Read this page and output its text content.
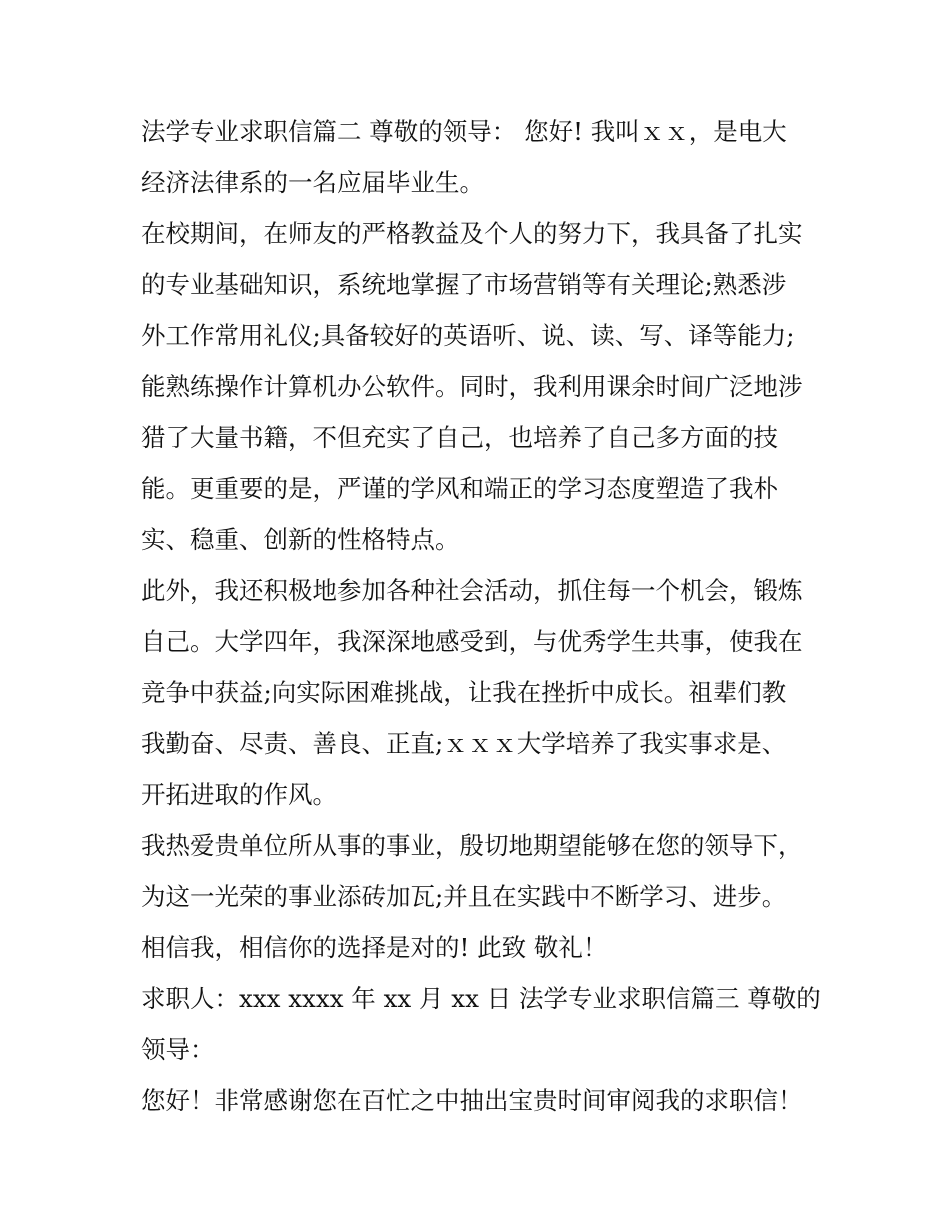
法学专业求职信篇二 尊敬的领导： 您好! 我叫ｘｘ，是电大
经济法律系的一名应届毕业生。
在校期间，在师友的严格教益及个人的努力下，我具备了扎实
的专业基础知识，系统地掌握了市场营销等有关理论;熟悉涉
外工作常用礼仪;具备较好的英语听、说、读、写、译等能力;
能熟练操作计算机办公软件。同时，我利用课余时间广泛地涉
猎了大量书籍，不但充实了自己，也培养了自己多方面的技
能。更重要的是，严谨的学风和端正的学习态度塑造了我朴
实、稳重、创新的性格特点。
此外，我还积极地参加各种社会活动，抓住每一个机会，锻炼
自己。大学四年，我深深地感受到，与优秀学生共事，使我在
竞争中获益;向实际困难挑战，让我在挫折中成长。祖辈们教
我勤奋、尽责、善良、正直;ｘｘｘ大学培养了我实事求是、
开拓进取的作风。
我热爱贵单位所从事的事业，殷切地期望能够在您的领导下，
为这一光荣的事业添砖加瓦;并且在实践中不断学习、进步。
相信我，相信你的选择是对的! 此致 敬礼！
求职人：xxx xxxx 年 xx 月 xx 日 法学专业求职信篇三 尊敬的
领导：
您好！非常感谢您在百忙之中抽出宝贵时间审阅我的求职信！
